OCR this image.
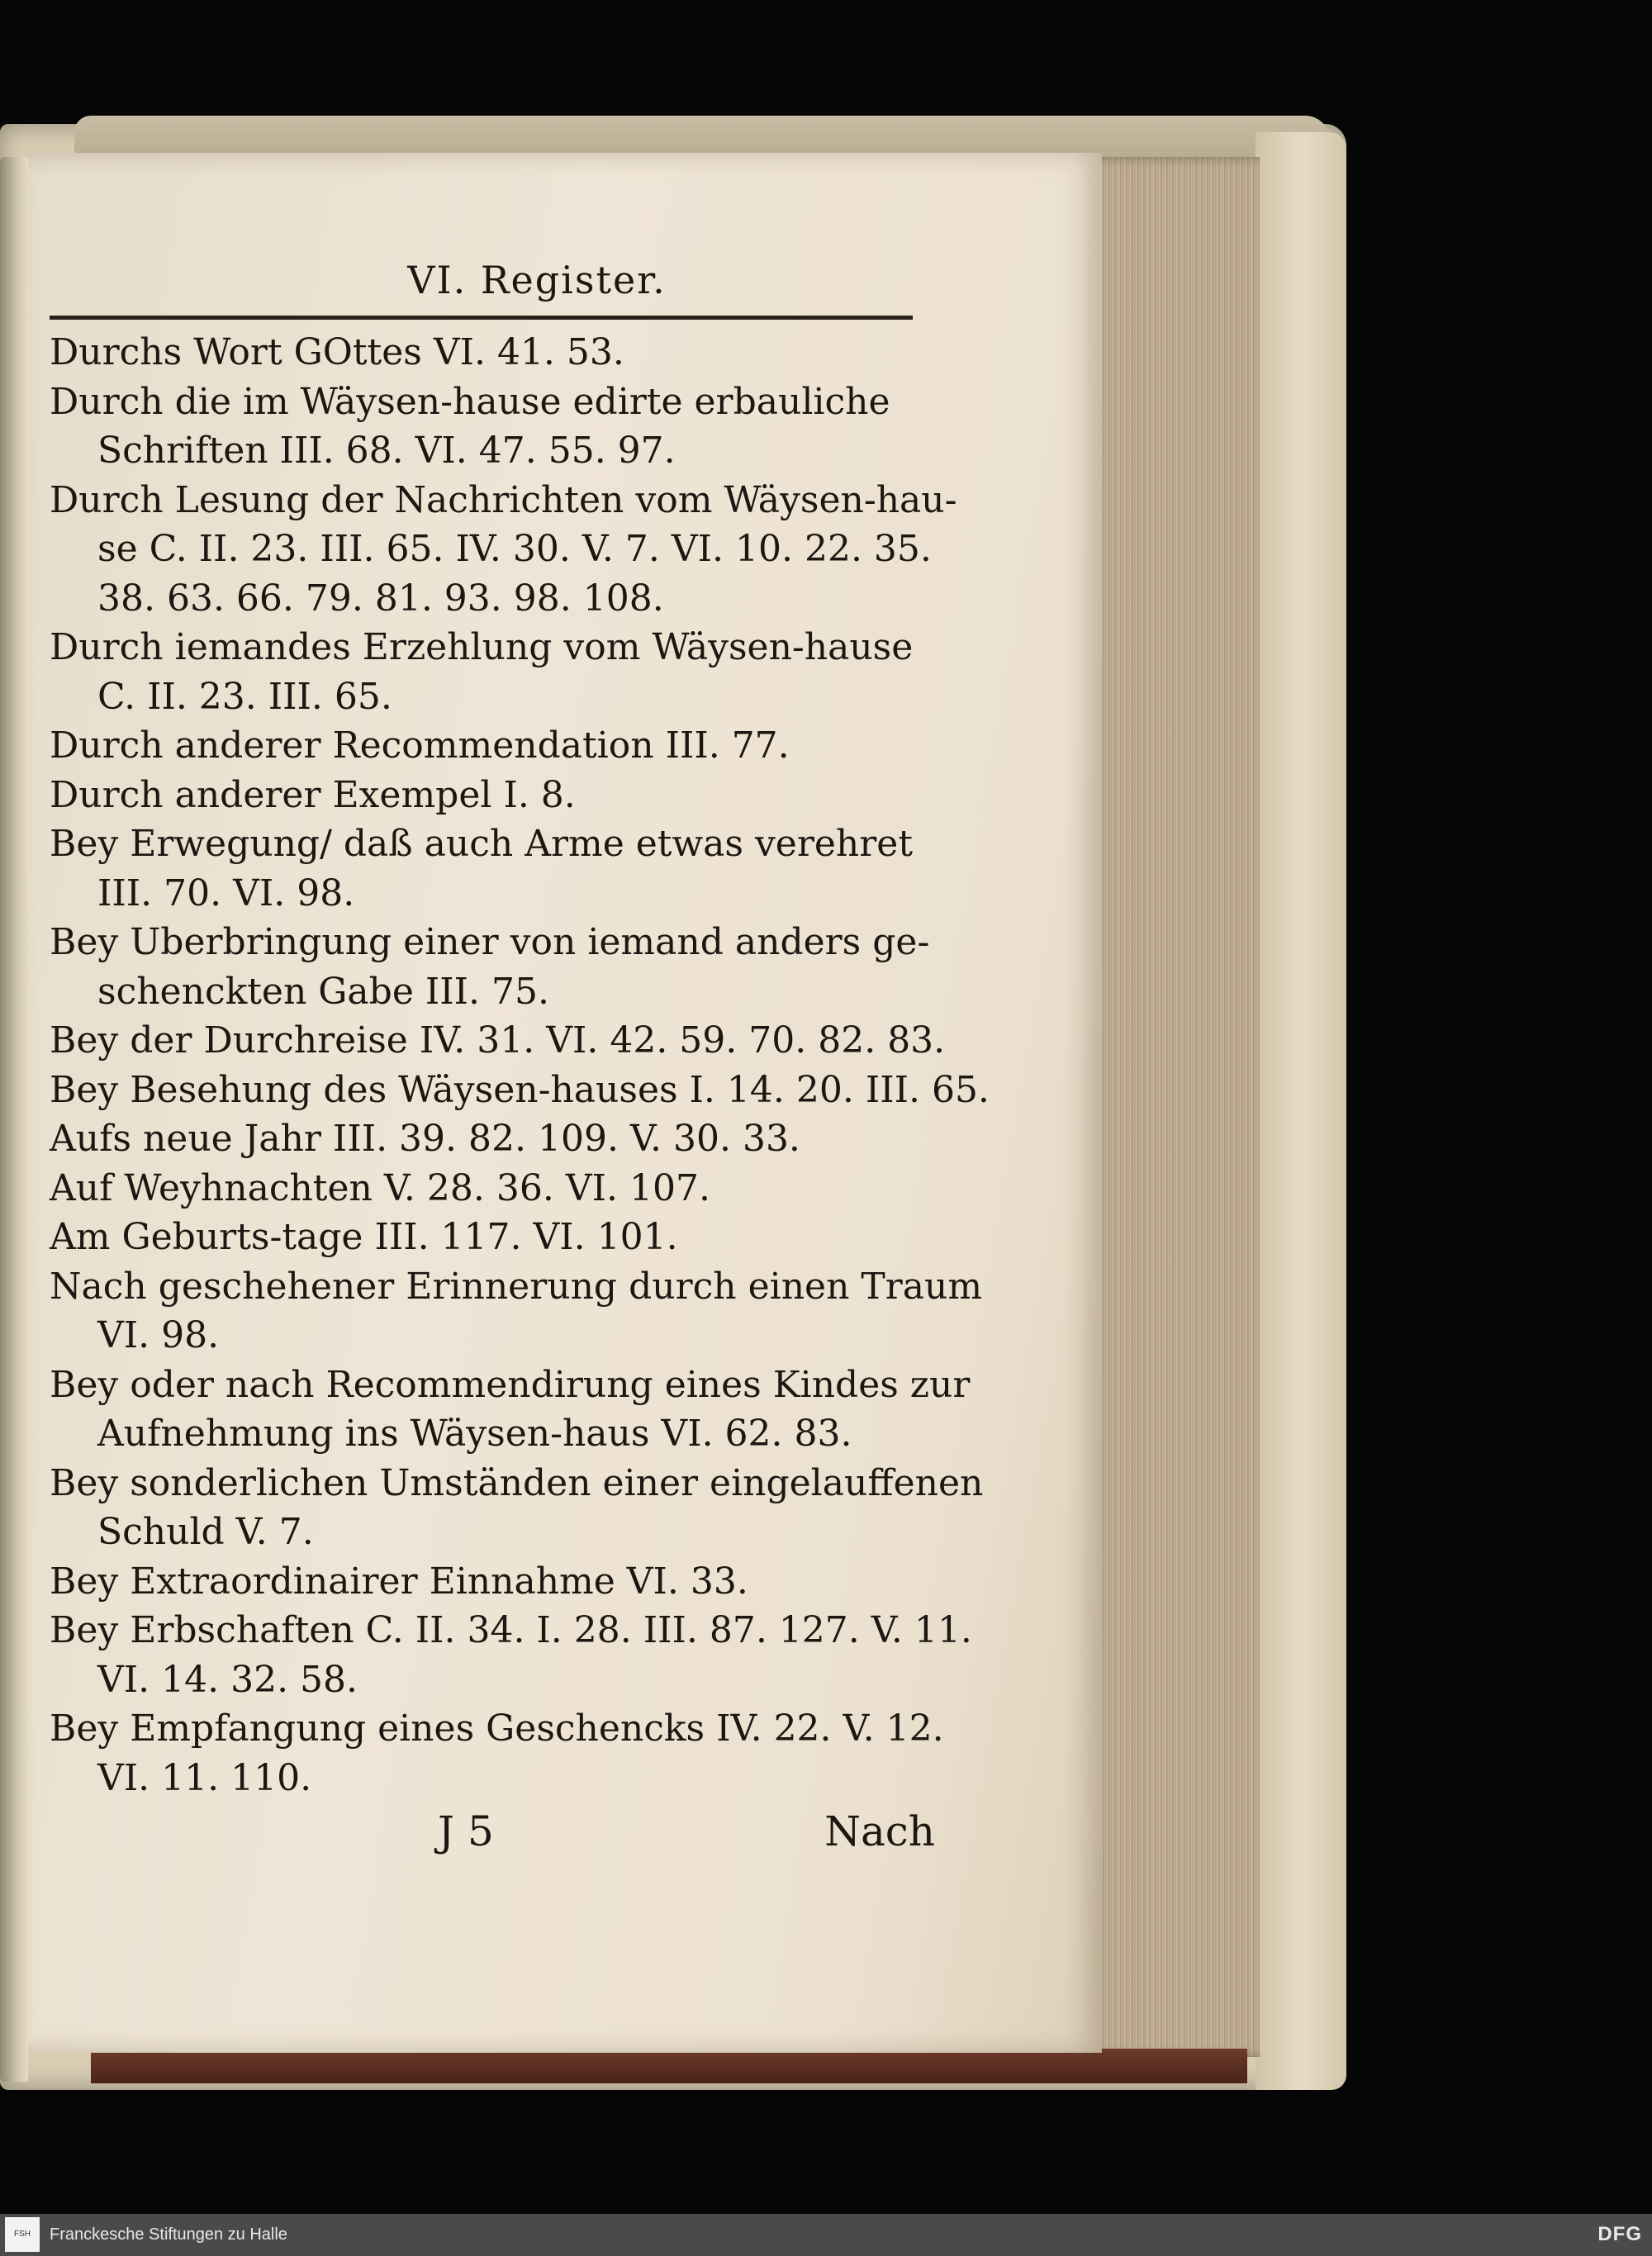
VI. Register.
Durchs Wort GOttes VI. 41. 53.
Durch die im Wäysen-hause edirte erbauliche
Schriften III. 68. VI. 47. 55. 97.
Durch Lesung der Nachrichten vom Wäysen-hau-
se C. II. 23. III. 65. IV. 30. V. 7. VI. 10. 22. 35.
38. 63. 66. 79. 81. 93. 98. 108.
Durch iemandes Erzehlung vom Wäysen-hause
C. II. 23. III. 65.
Durch anderer Recommendation III. 77.
Durch anderer Exempel I. 8.
Bey Erwegung/ daß auch Arme etwas verehret
III. 70. VI. 98.
Bey Uberbringung einer von iemand anders ge-
schenckten Gabe III. 75.
Bey der Durchreise IV. 31. VI. 42. 59. 70. 82. 83.
Bey Besehung des Wäysen-hauses I. 14. 20. III. 65.
Aufs neue Jahr III. 39. 82. 109. V. 30. 33.
Auf Weyhnachten V. 28. 36. VI. 107.
Am Geburts-tage III. 117. VI. 101.
Nach geschehener Erinnerung durch einen Traum
VI. 98.
Bey oder nach Recommendirung eines Kindes zur
Aufnehmung ins Wäysen-haus VI. 62. 83.
Bey sonderlichen Umständen einer eingelauffenen
Schuld V. 7.
Bey Extraordinairer Einnahme VI. 33.
Bey Erbschaften C. II. 34. I. 28. III. 87. 127. V. 11.
VI. 14. 32. 58.
Bey Empfangung eines Geschencks IV. 22. V. 12.
VI. 11. 110.
J 5	Nach
FSH	Franckesche Stiftungen zu Halle	DFG
